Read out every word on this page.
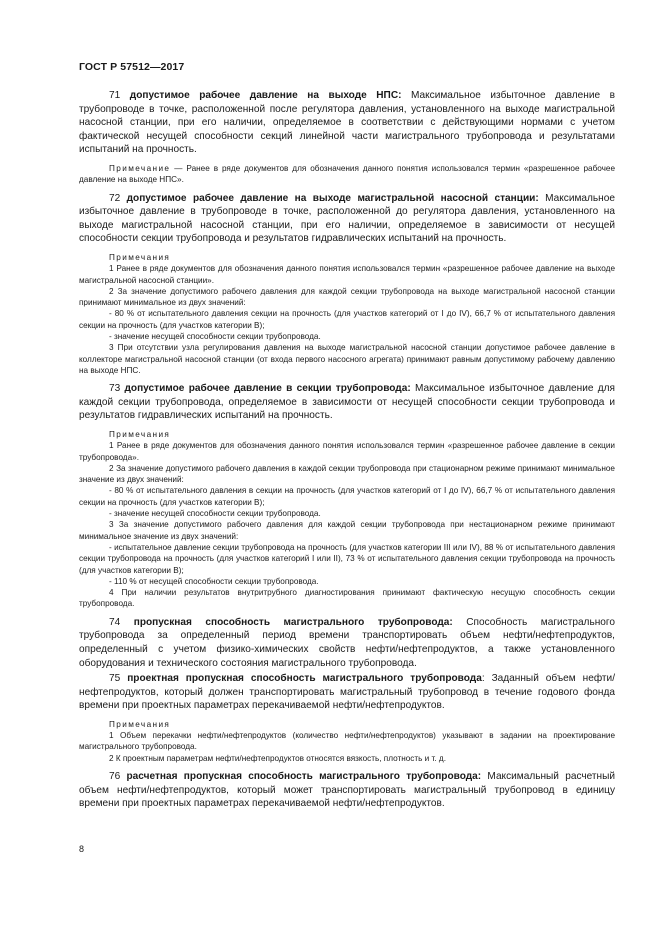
ГОСТ Р 57512—2017

71 допустимое рабочее давление на выходе НПС: Максимальное избыточное давление в трубопроводе в точке, расположенной после регулятора давления, установленного на выходе магистральной насосной станции, при его наличии, определяемое в соответствии с действующими нормами с учетом фактической несущей способности секций линейной части магистрального трубопровода и результатами испытаний на прочность.

Примечание — Ранее в ряде документов для обозначения данного понятия использовался термин «разрешенное рабочее давление на выходе НПС».

72 допустимое рабочее давление на выходе магистральной насосной станции: Максимальное избыточное давление в трубопроводе в точке, расположенной до регулятора давления, установленного на выходе магистральной насосной станции, при его наличии, определяемое в зависимости от несущей способности секции трубопровода и результатов гидравлических испытаний на прочность.

Примечания

1 Ранее в ряде документов для обозначения данного понятия использовался термин «разрешенное рабочее давление на выходе магистральной насосной станции».

2 За значение допустимого рабочего давления для каждой секции трубопровода на выходе магистральной насосной станции принимают минимальное из двух значений:

- 80 % от испытательного давления секции на прочность (для участков категорий от I до IV), 66,7 % от испытательного давления секции на прочность (для участков категории В);

- значение несущей способности секции трубопровода.

3 При отсутствии узла регулирования давления на выходе магистральной насосной станции допустимое рабочее давление в коллекторе магистральной насосной станции (от входа первого насосного агрегата) принимают равным допустимому рабочему давлению на выходе НПС.

73 допустимое рабочее давление в секции трубопровода: Максимальное избыточное давление для каждой секции трубопровода, определяемое в зависимости от несущей способности секции трубопровода и результатов гидравлических испытаний на прочность.

Примечания

1 Ранее в ряде документов для обозначения данного понятия использовался термин «разрешенное рабочее давление в секции трубопровода».

2 За значение допустимого рабочего давления в каждой секции трубопровода при стационарном режиме принимают минимальное значение из двух значений:

- 80 % от испытательного давления в секции на прочность (для участков категорий от I до IV), 66,7 % от испытательного давления секции на прочность (для участков категории В);

- значение несущей способности секции трубопровода.

3 За значение допустимого рабочего давления для каждой секции трубопровода при нестационарном режиме принимают минимальное значение из двух значений:

- испытательное давление секции трубопровода на прочность (для участков категории III или IV), 88 % от испытательного давления секции трубопровода на прочность (для участков категорий I или II), 73 % от испытательного давления секции трубопровода на прочность (для участков категории В);

- 110 % от несущей способности секции трубопровода.

4 При наличии результатов внутритрубного диагностирования принимают фактическую несущую способность секции трубопровода.

74 пропускная способность магистрального трубопровода: Способность магистрального трубопровода за определенный период времени транспортировать объем нефти/нефтепродуктов, определенный с учетом физико-химических свойств нефти/нефтепродуктов, а также установленного оборудования и технического состояния магистрального трубопровода.

75 проектная пропускная способность магистрального трубопровода: Заданный объем нефти/нефтепродуктов, который должен транспортировать магистральный трубопровод в течение годового фонда времени при проектных параметрах перекачиваемой нефти/нефтепродуктов.

Примечания

1 Объем перекачки нефти/нефтепродуктов (количество нефти/нефтепродуктов) указывают в задании на проектирование магистрального трубопровода.

2 К проектным параметрам нефти/нефтепродуктов относятся вязкость, плотность и т. д.

76 расчетная пропускная способность магистрального трубопровода: Максимальный расчетный объем нефти/нефтепродуктов, который может транспортировать магистральный трубопровод в единицу времени при проектных параметрах перекачиваемой нефти/нефтепродуктов.

8
